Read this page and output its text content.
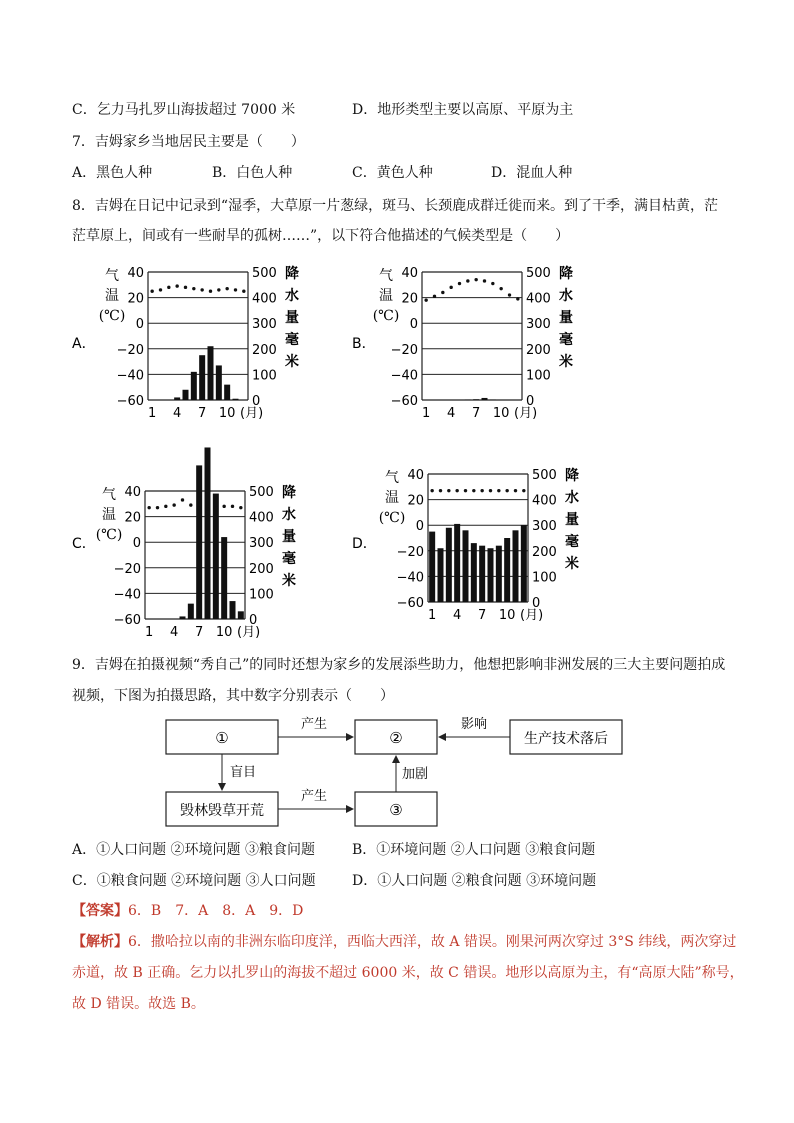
C．乞力马扎罗山海拔超过 7000 米	D．地形类型主要以高原、平原为主
7．吉姆家乡当地居民主要是（　　）
A．黑色人种	B．白色人种	C．黄色人种	D．混血人种
8．吉姆在日记中记录到“湿季，大草原一片葱绿，斑马、长颈鹿成群迁徙而来。到了干季，满目枯黄，茫
茫草原上，间或有一些耐旱的孤树……”，以下符合他描述的气候类型是（　　）
A．
40
20
0
−20
−40
−60
500
400
300
200
100
0
气
温
(℃)
降
水
量
毫
米
1 4 7 10 (月)
B．
40
20
0
−20
−40
−60
500
400
300
200
100
0
气
温
(℃)
降
水
量
毫
米
1 4 7 10 (月)
C．
40
20
0
−20
−40
−60
500
400
300
200
100
0
气
温
(℃)
降
水
量
毫
米
1 4 7 10 (月)
D．
40
20
0
−20
−40
−60
500
400
300
200
100
0
气
温
(℃)
降
水
量
毫
米
1 4 7 10 (月)
9．吉姆在拍摄视频“秀自己”的同时还想为家乡的发展添些助力，他想把影响非洲发展的三大主要问题拍成
视频，下图为拍摄思路，其中数字分别表示（　　）
①	②	生产技术落后
毁林毁草开荒	③
产生	影响
盲目
产生
加剧
A．①人口问题 ②环境问题 ③粮食问题	B．①环境问题 ②人口问题 ③粮食问题
C．①粮食问题 ②环境问题 ③人口问题	D．①人口问题 ②粮食问题 ③环境问题
【答案】6．B　7．A　8．A　9．D
【解析】6．撒哈拉以南的非洲东临印度洋，西临大西洋，故 A 错误。刚果河两次穿过 3°S 纬线，两次穿过
赤道，故 B 正确。乞力以扎罗山的海拔不超过 6000 米，故 C 错误。地形以高原为主，有“高原大陆”称号，
故 D 错误。故选 B。
